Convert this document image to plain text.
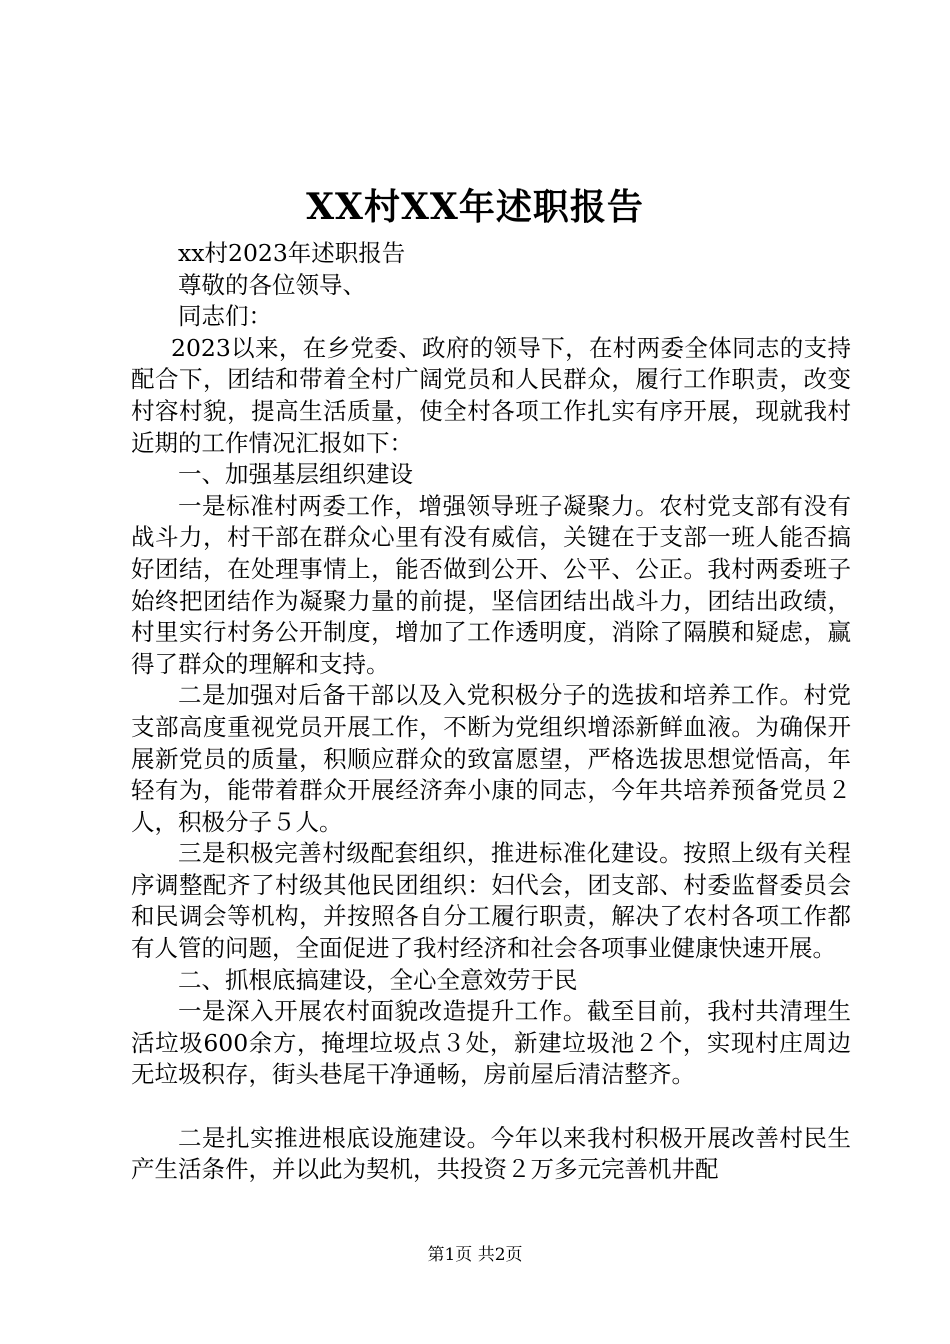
XX村XX年述职报告

xx村2023年述职报告

尊敬的各位领导、

同志们：

2023以来，在乡党委、政府的领导下，在村两委全体同志的支持配合下，团结和带着全村广阔党员和人民群众，履行工作职责，改变村容村貌，提高生活质量，使全村各项工作扎实有序开展，现就我村近期的工作情况汇报如下：

一、加强基层组织建设

一是标准村两委工作，增强领导班子凝聚力。农村党支部有没有战斗力，村干部在群众心里有没有威信，关键在于支部一班人能否搞好团结，在处理事情上，能否做到公开、公平、公正。我村两委班子始终把团结作为凝聚力量的前提，坚信团结出战斗力，团结出政绩，村里实行村务公开制度，增加了工作透明度，消除了隔膜和疑虑，赢得了群众的理解和支持。

二是加强对后备干部以及入党积极分子的选拔和培养工作。村党支部高度重视党员开展工作，不断为党组织增添新鲜血液。为确保开展新党员的质量，积顺应群众的致富愿望，严格选拔思想觉悟高，年轻有为，能带着群众开展经济奔小康的同志，今年共培养预备党员２人，积极分子５人。

三是积极完善村级配套组织，推进标准化建设。按照上级有关程序调整配齐了村级其他民团组织：妇代会，团支部、村委监督委员会和民调会等机构，并按照各自分工履行职责，解决了农村各项工作都有人管的问题，全面促进了我村经济和社会各项事业健康快速开展。

二、抓根底搞建设，全心全意效劳于民

一是深入开展农村面貌改造提升工作。截至目前，我村共清理生活垃圾600余方，掩埋垃圾点３处，新建垃圾池２个，实现村庄周边无垃圾积存，街头巷尾干净通畅，房前屋后清洁整齐。

二是扎实推进根底设施建设。今年以来我村积极开展改善村民生产生活条件，并以此为契机，共投资２万多元完善机井配

第1页 共2页
